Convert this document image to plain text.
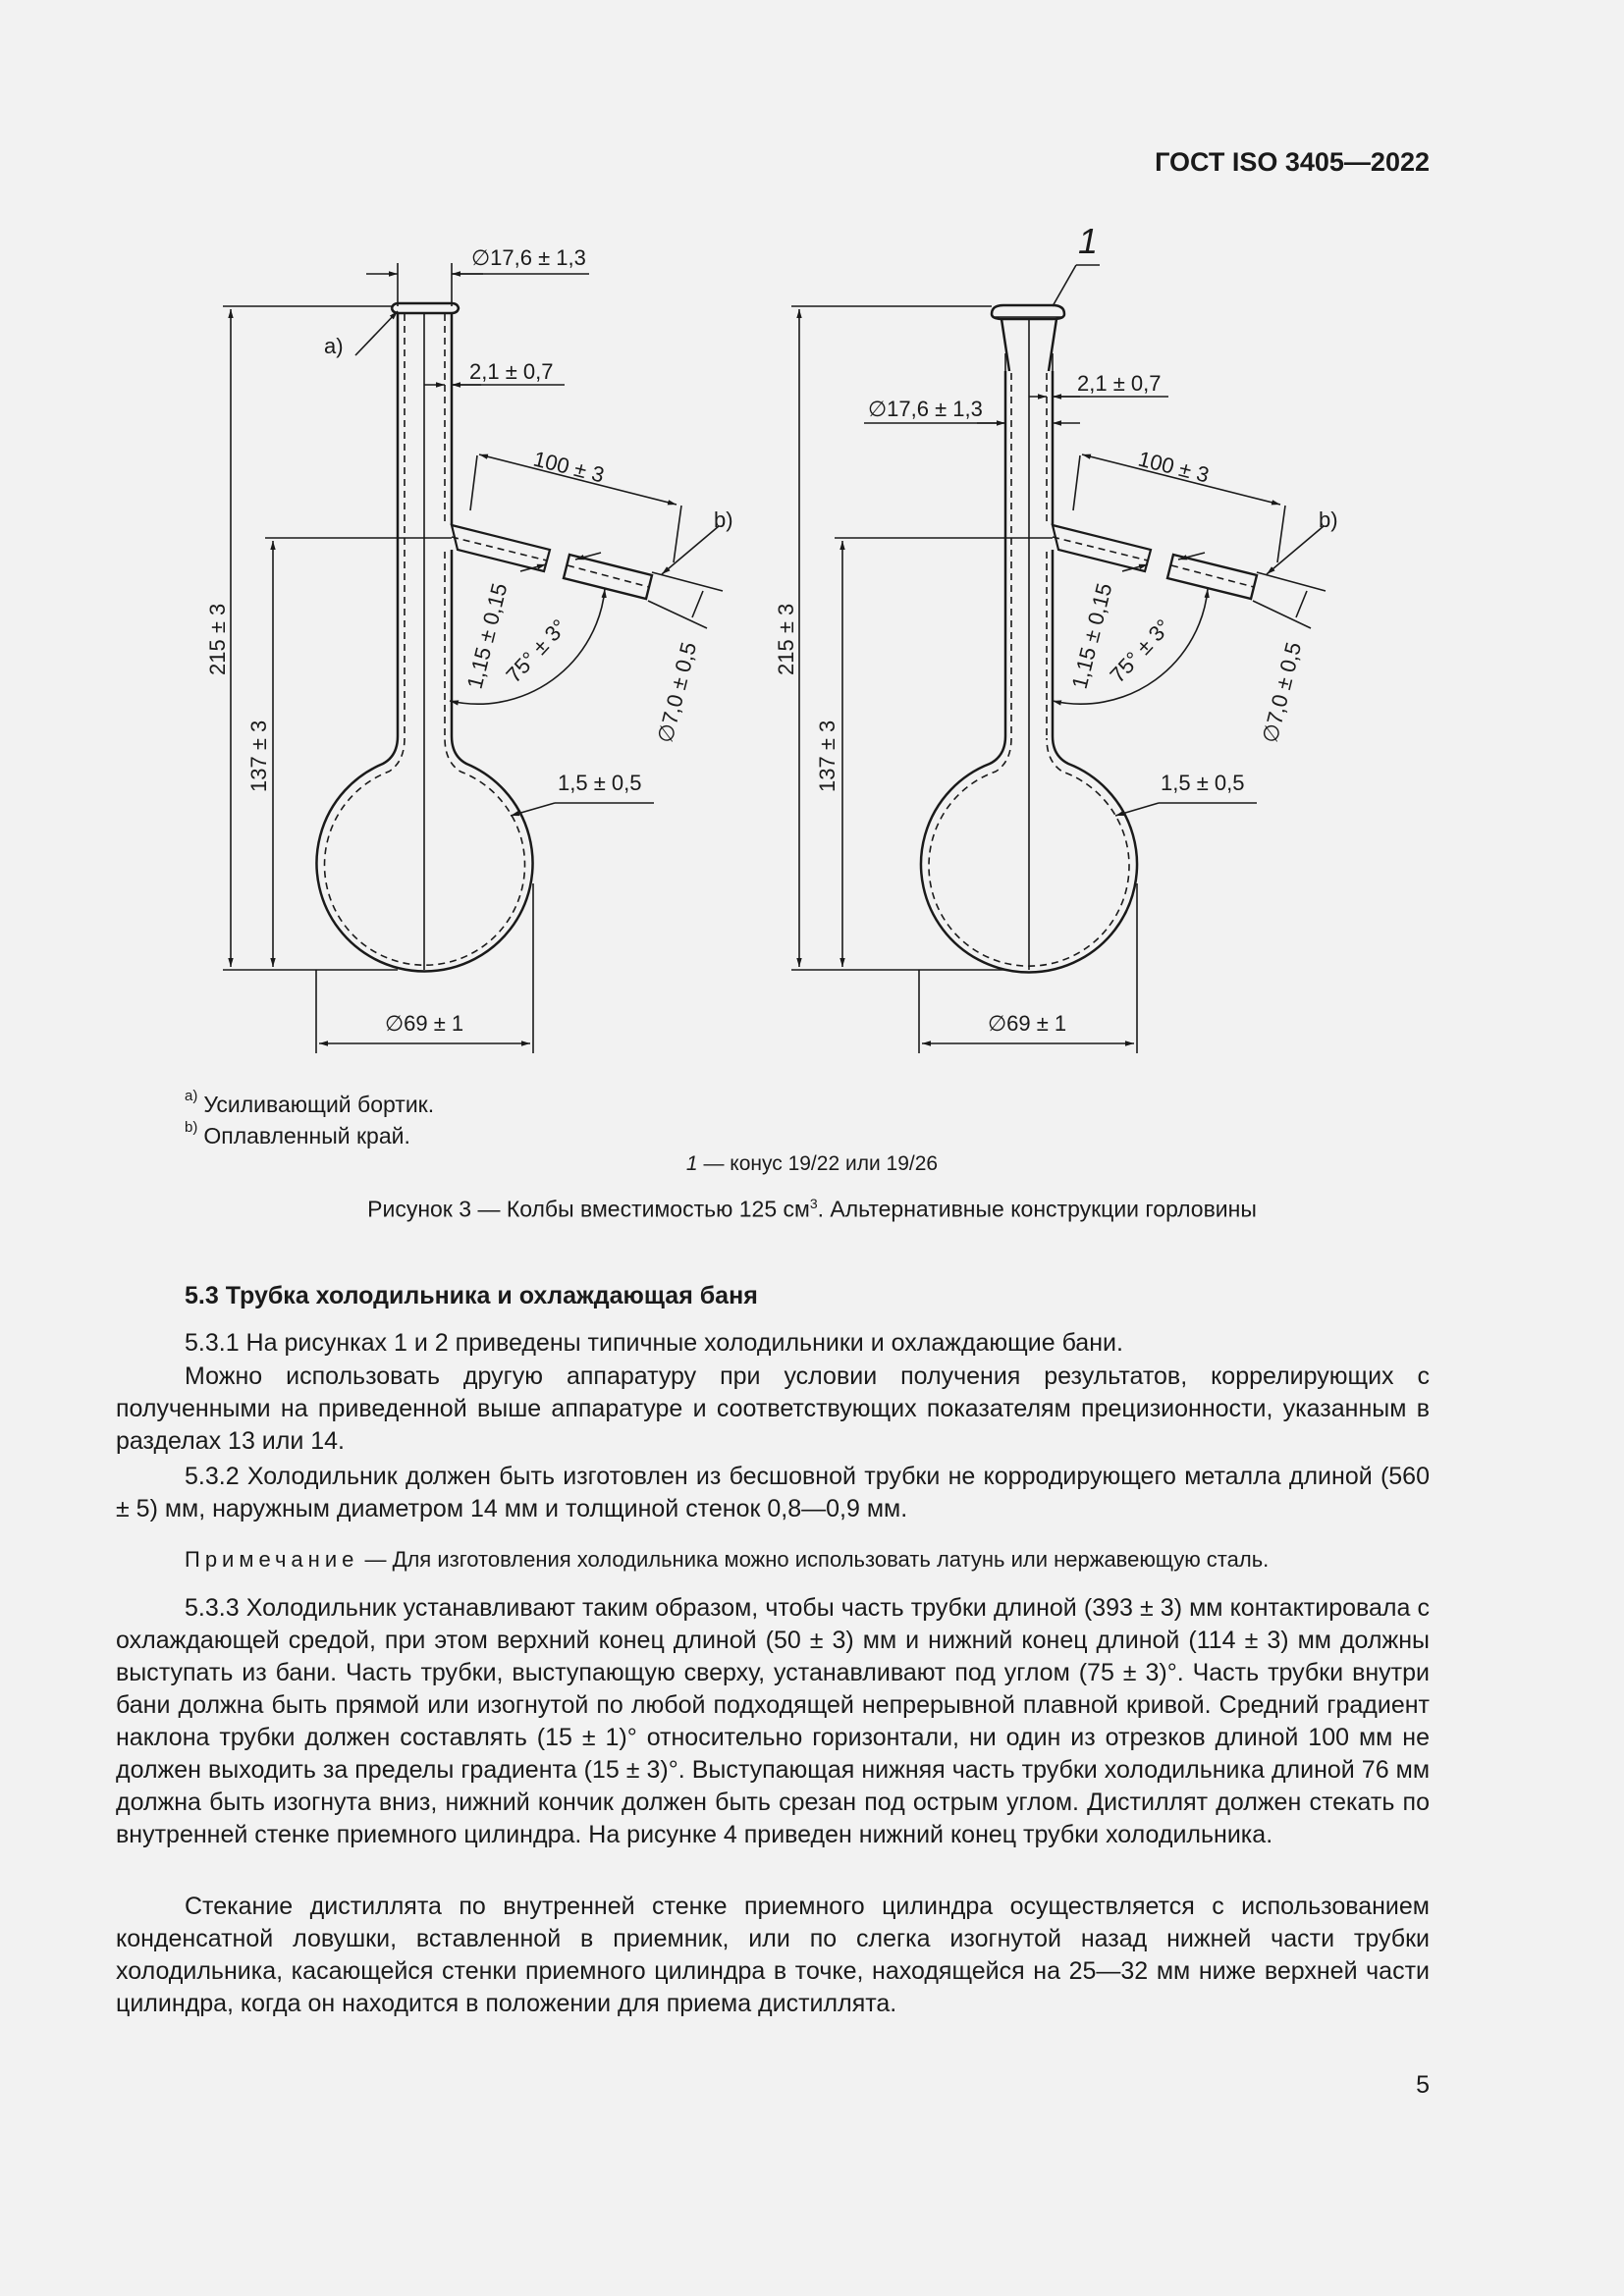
ГОСТ ISO 3405—2022
∅17,6 ± 1,3
2,1 ± 0,7
a)
b)
100 ± 3
215 ± 3
137 ± 3
1,15 ± 0,15
75° ± 3°	∅7,0 ± 0,5
1,5 ± 0,5
∅69 ± 1
1
∅17,6 ± 1,3
2,1 ± 0,7
b)
100 ± 3
215 ± 3
137 ± 3
1,15 ± 0,15
75° ± 3°	∅7,0 ± 0,5
1,5 ± 0,5
∅69 ± 1
$^{a)}$ Усиливающий бортик.
$^{b)}$ Оплавленный край.
1 — конус 19/22 или 19/26
Рисунок 3 — Колбы вместимостью 125 $см^3$. Альтернативные конструкции горловины
5.3 Трубка холодильника и охлаждающая баня
5.3.1 На рисунках 1 и 2 приведены типичные холодильники и охлаждающие бани.
Можно использовать другую аппаратуру при условии получения результатов, коррелирующих с полученными на приведенной выше аппаратуре и соответствующих показателям прецизионности, указанным в разделах 13 или 14.
5.3.2 Холодильник должен быть изготовлен из бесшовной трубки не корродирующего металла длиной (560 ± 5) мм, наружным диаметром 14 мм и толщиной стенок 0,8—0,9 мм.
Примечание — Для изготовления холодильника можно использовать латунь или нержавеющую сталь.
5.3.3 Холодильник устанавливают таким образом, чтобы часть трубки длиной (393 ± 3) мм контактировала с охлаждающей средой, при этом верхний конец длиной (50 ± 3) мм и нижний конец длиной (114 ± 3) мм должны выступать из бани. Часть трубки, выступающую сверху, устанавливают под углом (75 ± 3)°. Часть трубки внутри бани должна быть прямой или изогнутой по любой подходящей непрерывной плавной кривой. Средний градиент наклона трубки должен составлять (15 ± 1)° относительно горизонтали, ни один из отрезков длиной 100 мм не должен выходить за пределы градиента (15 ± 3)°. Выступающая нижняя часть трубки холодильника длиной 76 мм должна быть изогнута вниз, нижний кончик должен быть срезан под острым углом. Дистиллят должен стекать по внутренней стенке приемного цилиндра. На рисунке 4 приведен нижний конец трубки холодильника.
Стекание дистиллята по внутренней стенке приемного цилиндра осуществляется с использованием конденсатной ловушки, вставленной в приемник, или по слегка изогнутой назад нижней части трубки холодильника, касающейся стенки приемного цилиндра в точке, находящейся на 25—32 мм ниже верхней части цилиндра, когда он находится в положении для приема дистиллята.
5
